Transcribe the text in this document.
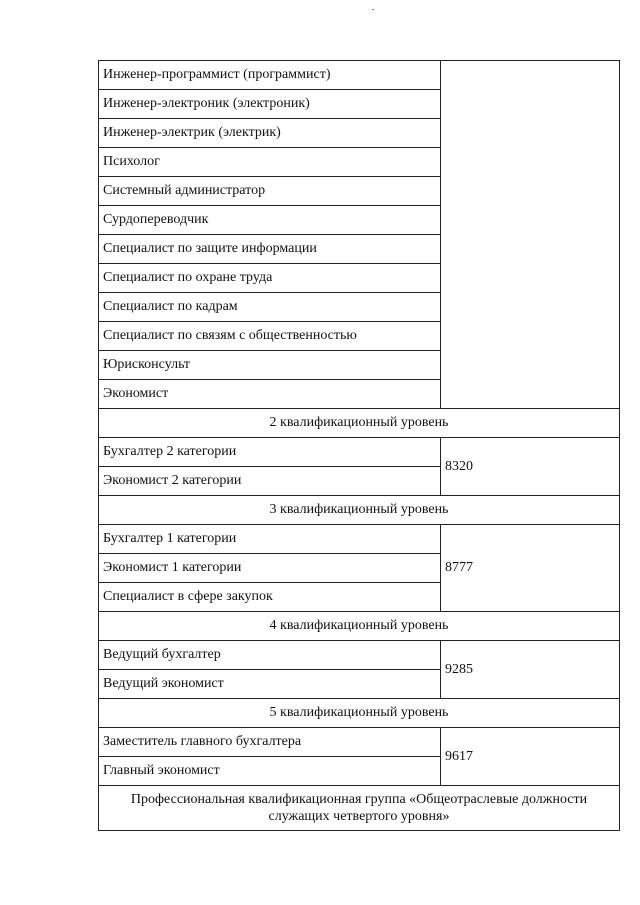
Инженер-программист (программист)	
Инженер-электроник (электроник)	
Инженер-электрик (электрик)	
Психолог	
Системный администратор	
Сурдопереводчик	
Специалист по защите информации	
Специалист по охране труда	
Специалист по кадрам	
Специалист по связям с общественностью	
Юрисконсульт	
Экономист	
2 квалификационный уровень	
Бухгалтер 2 категории	8320
Экономист 2 категории	
3 квалификационный уровень	
Бухгалтер 1 категории	8777
Экономист 1 категории	
Специалист в сфере закупок	
4 квалификационный уровень	
Ведущий бухгалтер	9285
Ведущий экономист	
5 квалификационный уровень	
Заместитель главного бухгалтера	9617
Главный экономист	
Профессиональная квалификационная группа «Общеотраслевые должности служащих четвертого уровня»	
